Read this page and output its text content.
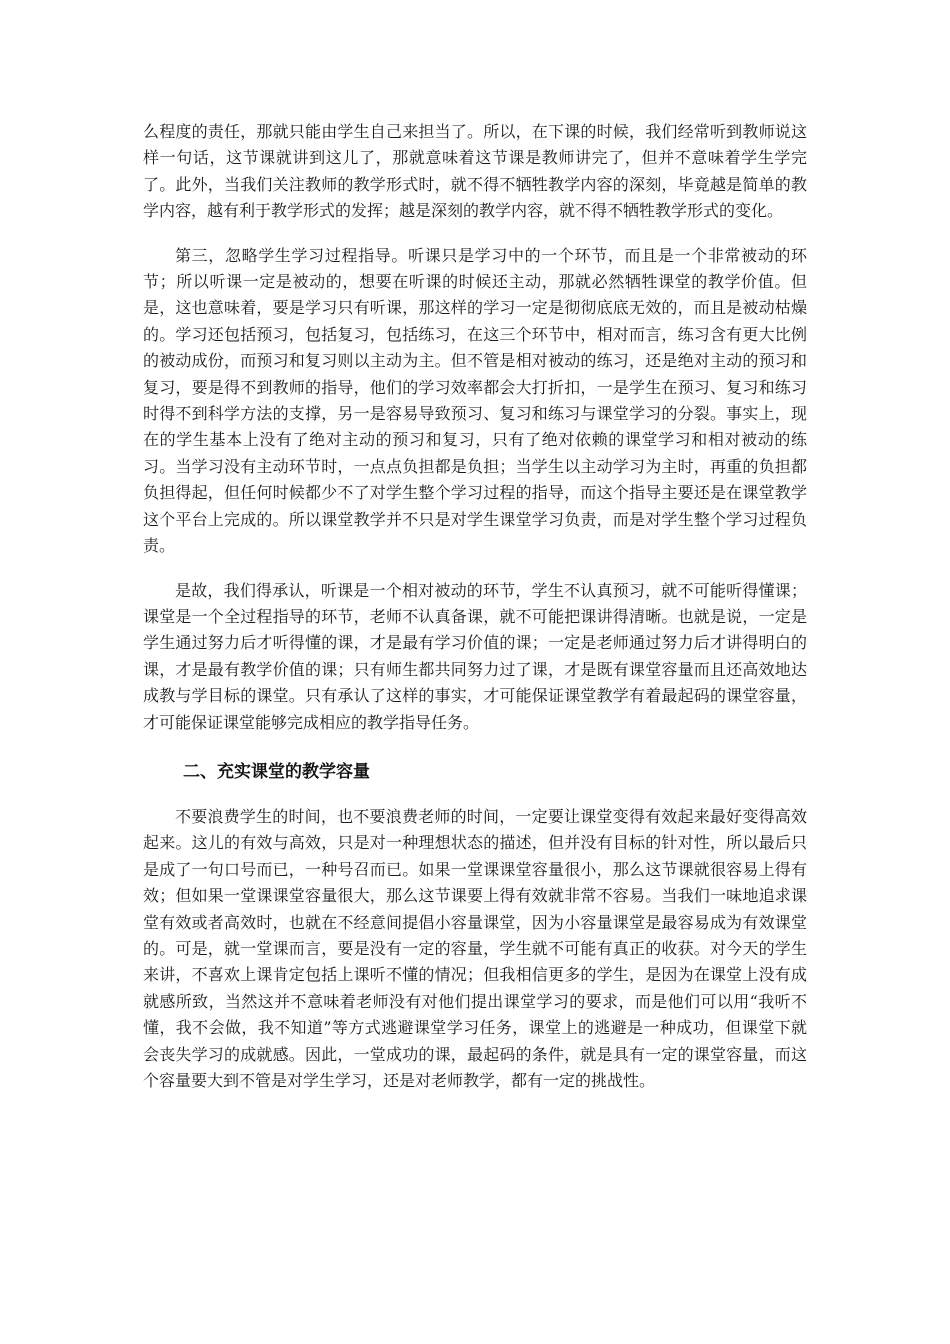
么程度的责任，那就只能由学生自己来担当了。所以，在下课的时候，我们经常听到教师说这样一句话，这节课就讲到这儿了，那就意味着这节课是教师讲完了，但并不意味着学生学完了。此外，当我们关注教师的教学形式时，就不得不牺牲教学内容的深刻，毕竟越是简单的教学内容，越有利于教学形式的发挥；越是深刻的教学内容，就不得不牺牲教学形式的变化。

第三，忽略学生学习过程指导。听课只是学习中的一个环节，而且是一个非常被动的环节；所以听课一定是被动的，想要在听课的时候还主动，那就必然牺牲课堂的教学价值。但是，这也意味着，要是学习只有听课，那这样的学习一定是彻彻底底无效的，而且是被动枯燥的。学习还包括预习，包括复习，包括练习，在这三个环节中，相对而言，练习含有更大比例的被动成份，而预习和复习则以主动为主。但不管是相对被动的练习，还是绝对主动的预习和复习，要是得不到教师的指导，他们的学习效率都会大打折扣，一是学生在预习、复习和练习时得不到科学方法的支撑，另一是容易导致预习、复习和练习与课堂学习的分裂。事实上，现在的学生基本上没有了绝对主动的预习和复习，只有了绝对依赖的课堂学习和相对被动的练习。当学习没有主动环节时，一点点负担都是负担；当学生以主动学习为主时，再重的负担都负担得起，但任何时候都少不了对学生整个学习过程的指导，而这个指导主要还是在课堂教学这个平台上完成的。所以课堂教学并不只是对学生课堂学习负责，而是对学生整个学习过程负责。

是故，我们得承认，听课是一个相对被动的环节，学生不认真预习，就不可能听得懂课；课堂是一个全过程指导的环节，老师不认真备课，就不可能把课讲得清晰。也就是说，一定是学生通过努力后才听得懂的课，才是最有学习价值的课；一定是老师通过努力后才讲得明白的课，才是最有教学价值的课；只有师生都共同努力过了课，才是既有课堂容量而且还高效地达成教与学目标的课堂。只有承认了这样的事实，才可能保证课堂教学有着最起码的课堂容量，才可能保证课堂能够完成相应的教学指导任务。

二、充实课堂的教学容量

不要浪费学生的时间，也不要浪费老师的时间，一定要让课堂变得有效起来最好变得高效起来。这儿的有效与高效，只是对一种理想状态的描述，但并没有目标的针对性，所以最后只是成了一句口号而已，一种号召而已。如果一堂课课堂容量很小，那么这节课就很容易上得有效；但如果一堂课课堂容量很大，那么这节课要上得有效就非常不容易。当我们一味地追求课堂有效或者高效时，也就在不经意间提倡小容量课堂，因为小容量课堂是最容易成为有效课堂的。可是，就一堂课而言，要是没有一定的容量，学生就不可能有真正的收获。对今天的学生来讲，不喜欢上课肯定包括上课听不懂的情况；但我相信更多的学生，是因为在课堂上没有成就感所致，当然这并不意味着老师没有对他们提出课堂学习的要求，而是他们可以用“我听不懂，我不会做，我不知道”等方式逃避课堂学习任务，课堂上的逃避是一种成功，但课堂下就会丧失学习的成就感。因此，一堂成功的课，最起码的条件，就是具有一定的课堂容量，而这个容量要大到不管是对学生学习，还是对老师教学，都有一定的挑战性。
